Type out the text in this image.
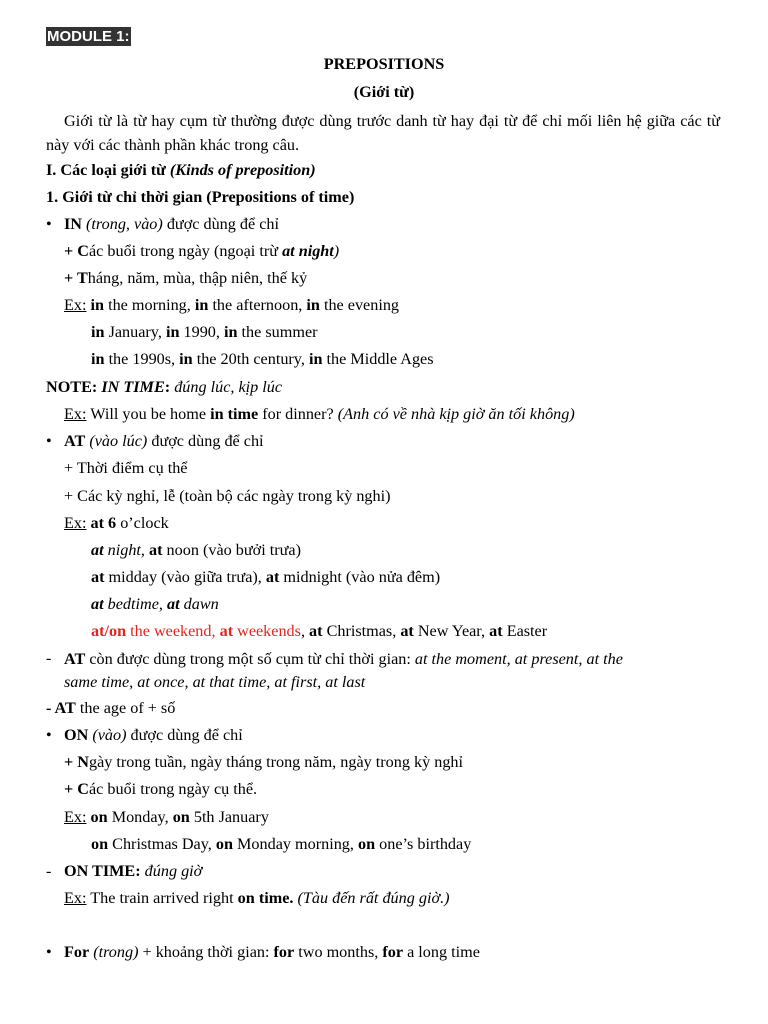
MODULE 1:
PREPOSITIONS
(Giới từ)
Giới từ là từ hay cụm từ thường được dùng trước danh từ hay đại từ để chỉ mối liên hệ giữa các từ này với các thành phần khác trong câu.
I. Các loại giới từ (Kinds of preposition)
1. Giới từ chỉ thời gian (Prepositions of time)
• IN (trong, vào) được dùng để chỉ
+ Các buổi trong ngày (ngoại trừ at night)
+ Tháng, năm, mùa, thập niên, thế kỷ
Ex: in the morning, in the afternoon, in the evening
in January, in 1990, in the summer
in the 1990s, in the 20th century, in the Middle Ages
NOTE: IN TIME: đúng lúc, kịp lúc
Ex: Will you be home in time for dinner? (Anh có về nhà kịp giờ ăn tối không)
• AT (vào lúc) được dùng để chỉ
+ Thời điểm cụ thể
+ Các kỳ nghỉ, lễ (toàn bộ các ngày trong kỳ nghi)
Ex: at 6 o’clock
at night, at noon (vào bưởi trưa)
at midday (vào giữa trưa), at midnight (vào nửa đêm)
at bedtime, at dawn
at/on the weekend, at weekends, at Christmas, at New Year, at Easter
- AT còn được dùng trong một số cụm từ chỉ thời gian: at the moment, at present, at the
same time, at once, at that time, at first, at last
- AT the age of + số
• ON (vào) được dùng để chỉ
+ Ngày trong tuần, ngày tháng trong năm, ngày trong kỳ nghỉ
+ Các buổi trong ngày cụ thể.
Ex: on Monday, on 5th January
on Christmas Day, on Monday morning, on one’s birthday
- ON TIME: đúng giờ
Ex: The train arrived right on time. (Tàu đến rất đúng giờ.)
• For (trong) + khoảng thời gian: for two months, for a long time
